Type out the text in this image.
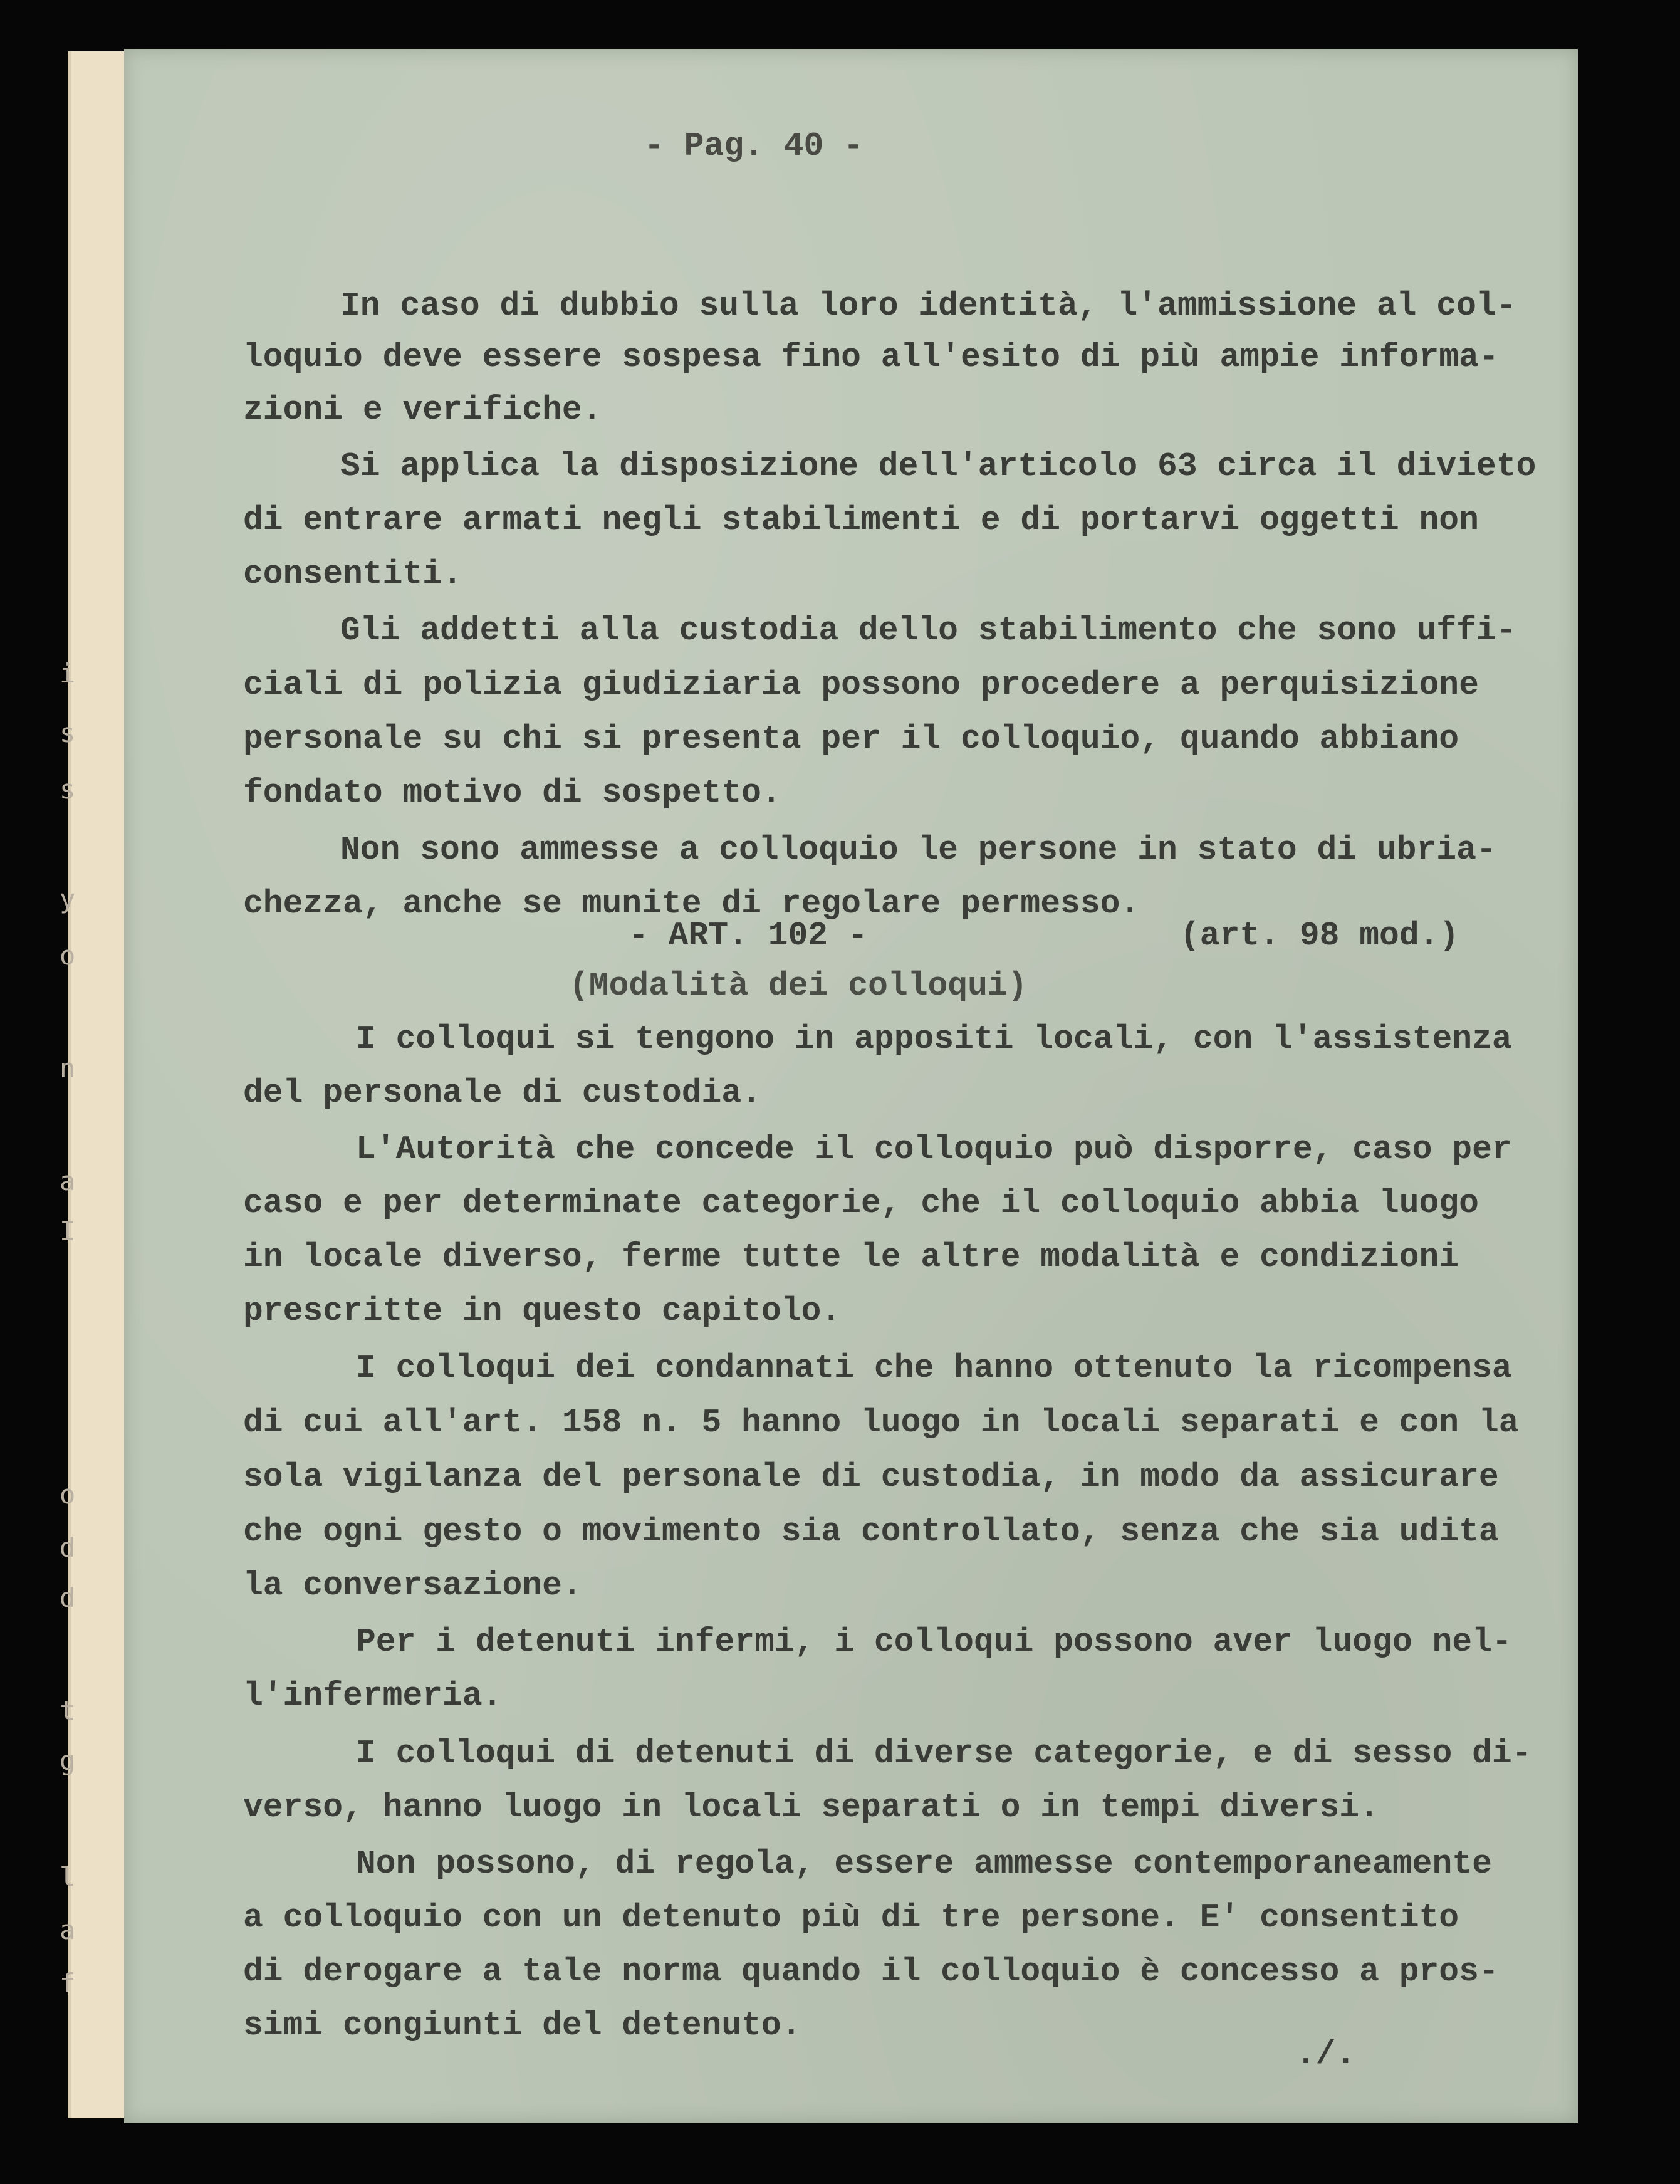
- Pag. 40 -
In caso di dubbio sulla loro identità, l'ammissione al col-
loquio deve essere sospesa fino all'esito di più ampie informa-
zioni e verifiche.
Si applica la disposizione dell'articolo 63 circa il divieto
di entrare armati negli stabilimenti e di portarvi oggetti non
consentiti.
Gli addetti alla custodia dello stabilimento che sono uffi-
ciali di polizia giudiziaria possono procedere a perquisizione
personale su chi si presenta per il colloquio, quando abbiano
fondato motivo di sospetto.
Non sono ammesse a colloquio le persone in stato di ubria-
chezza, anche se munite di regolare permesso.
- ART. 102 -	(art. 98 mod.)
(Modalità dei colloqui)
I colloqui si tengono in appositi locali, con l'assistenza
del personale di custodia.
L'Autorità che concede il colloquio può disporre, caso per
caso e per determinate categorie, che il colloquio abbia luogo
in locale diverso, ferme tutte le altre modalità e condizioni
prescritte in questo capitolo.
I colloqui dei condannati che hanno ottenuto la ricompensa
di cui all'art. 158 n. 5 hanno luogo in locali separati e con la
sola vigilanza del personale di custodia, in modo da assicurare
che ogni gesto o movimento sia controllato, senza che sia udita
la conversazione.
Per i detenuti infermi, i colloqui possono aver luogo nel-
l'infermeria.
I colloqui di detenuti di diverse categorie, e di sesso di-
verso, hanno luogo in locali separati o in tempi diversi.
Non possono, di regola, essere ammesse contemporaneamente
a colloquio con un detenuto più di tre persone. E' consentito
di derogare a tale norma quando il colloquio è concesso a pros-
simi congiunti del detenuto.
./.
i
s
s
y
o
n
a
I
o
d
d
t
g
l
a
f
